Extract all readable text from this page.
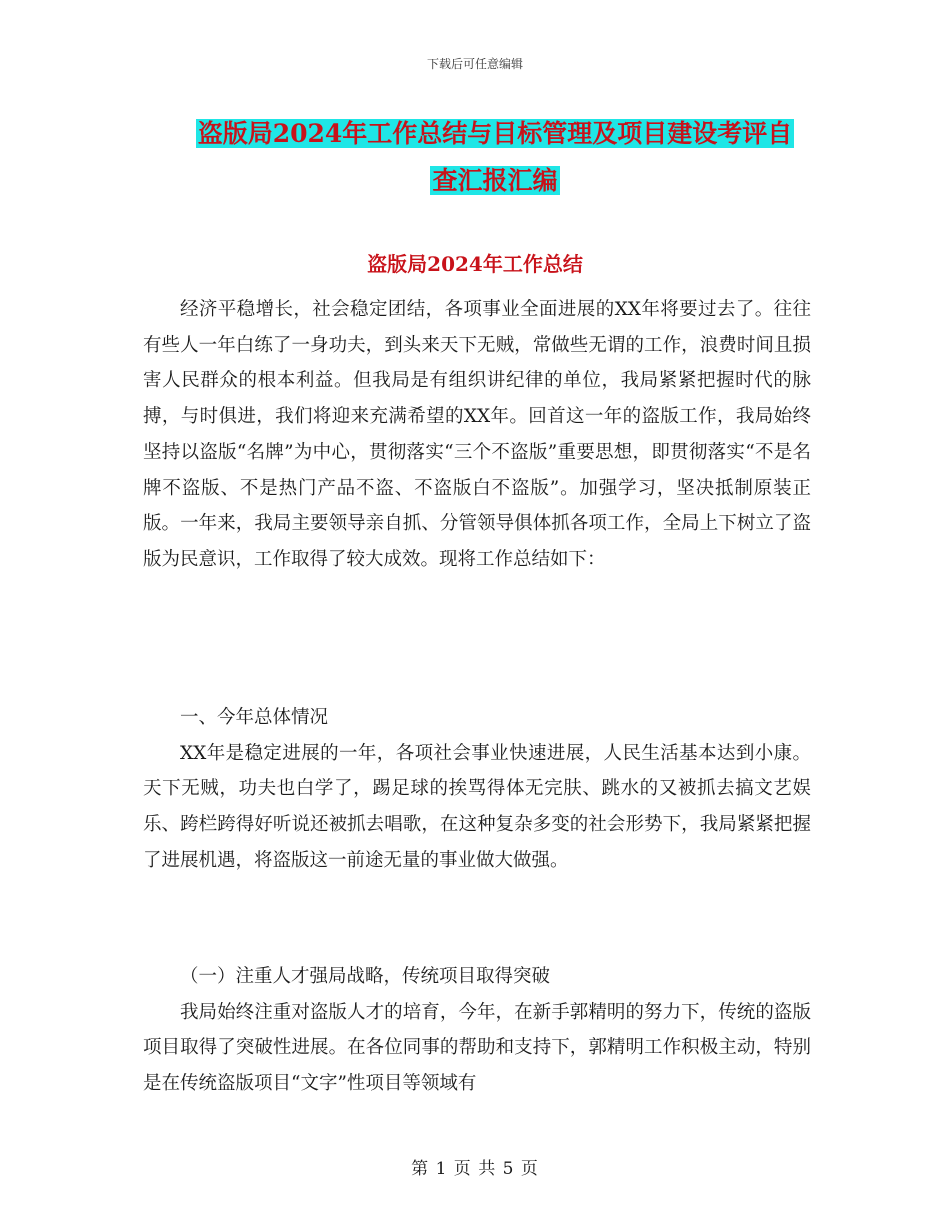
下载后可任意编辑
盗版局2024年工作总结与目标管理及项目建设考评自
查汇报汇编
盗版局2024年工作总结

经济平稳增长，社会稳定团结，各项事业全面进展的XX年将要过去了。往往有些人一年白练了一身功夫，到头来天下无贼，常做些无谓的工作，浪费时间且损害人民群众的根本利益。但我局是有组织讲纪律的单位，我局紧紧把握时代的脉搏，与时俱进，我们将迎来充满希望的XX年。回首这一年的盗版工作，我局始终坚持以盗版“名牌”为中心，贯彻落实“三个不盗版”重要思想，即贯彻落实“不是名牌不盗版、不是热门产品不盗、不盗版白不盗版”。加强学习，坚决抵制原装正版。一年来，我局主要领导亲自抓、分管领导俱体抓各项工作，全局上下树立了盗版为民意识，工作取得了较大成效。现将工作总结如下：

一、今年总体情况

XX年是稳定进展的一年，各项社会事业快速进展，人民生活基本达到小康。天下无贼，功夫也白学了，踢足球的挨骂得体无完肤、跳水的又被抓去搞文艺娱乐、跨栏跨得好听说还被抓去唱歌，在这种复杂多变的社会形势下，我局紧紧把握了进展机遇，将盗版这一前途无量的事业做大做强。

（一）注重人才强局战略，传统项目取得突破

我局始终注重对盗版人才的培育，今年，在新手郭精明的努力下，传统的盗版项目取得了突破性进展。在各位同事的帮助和支持下，郭精明工作积极主动，特别是在传统盗版项目“文字”性项目等领域有

第 1 页 共 5 页
